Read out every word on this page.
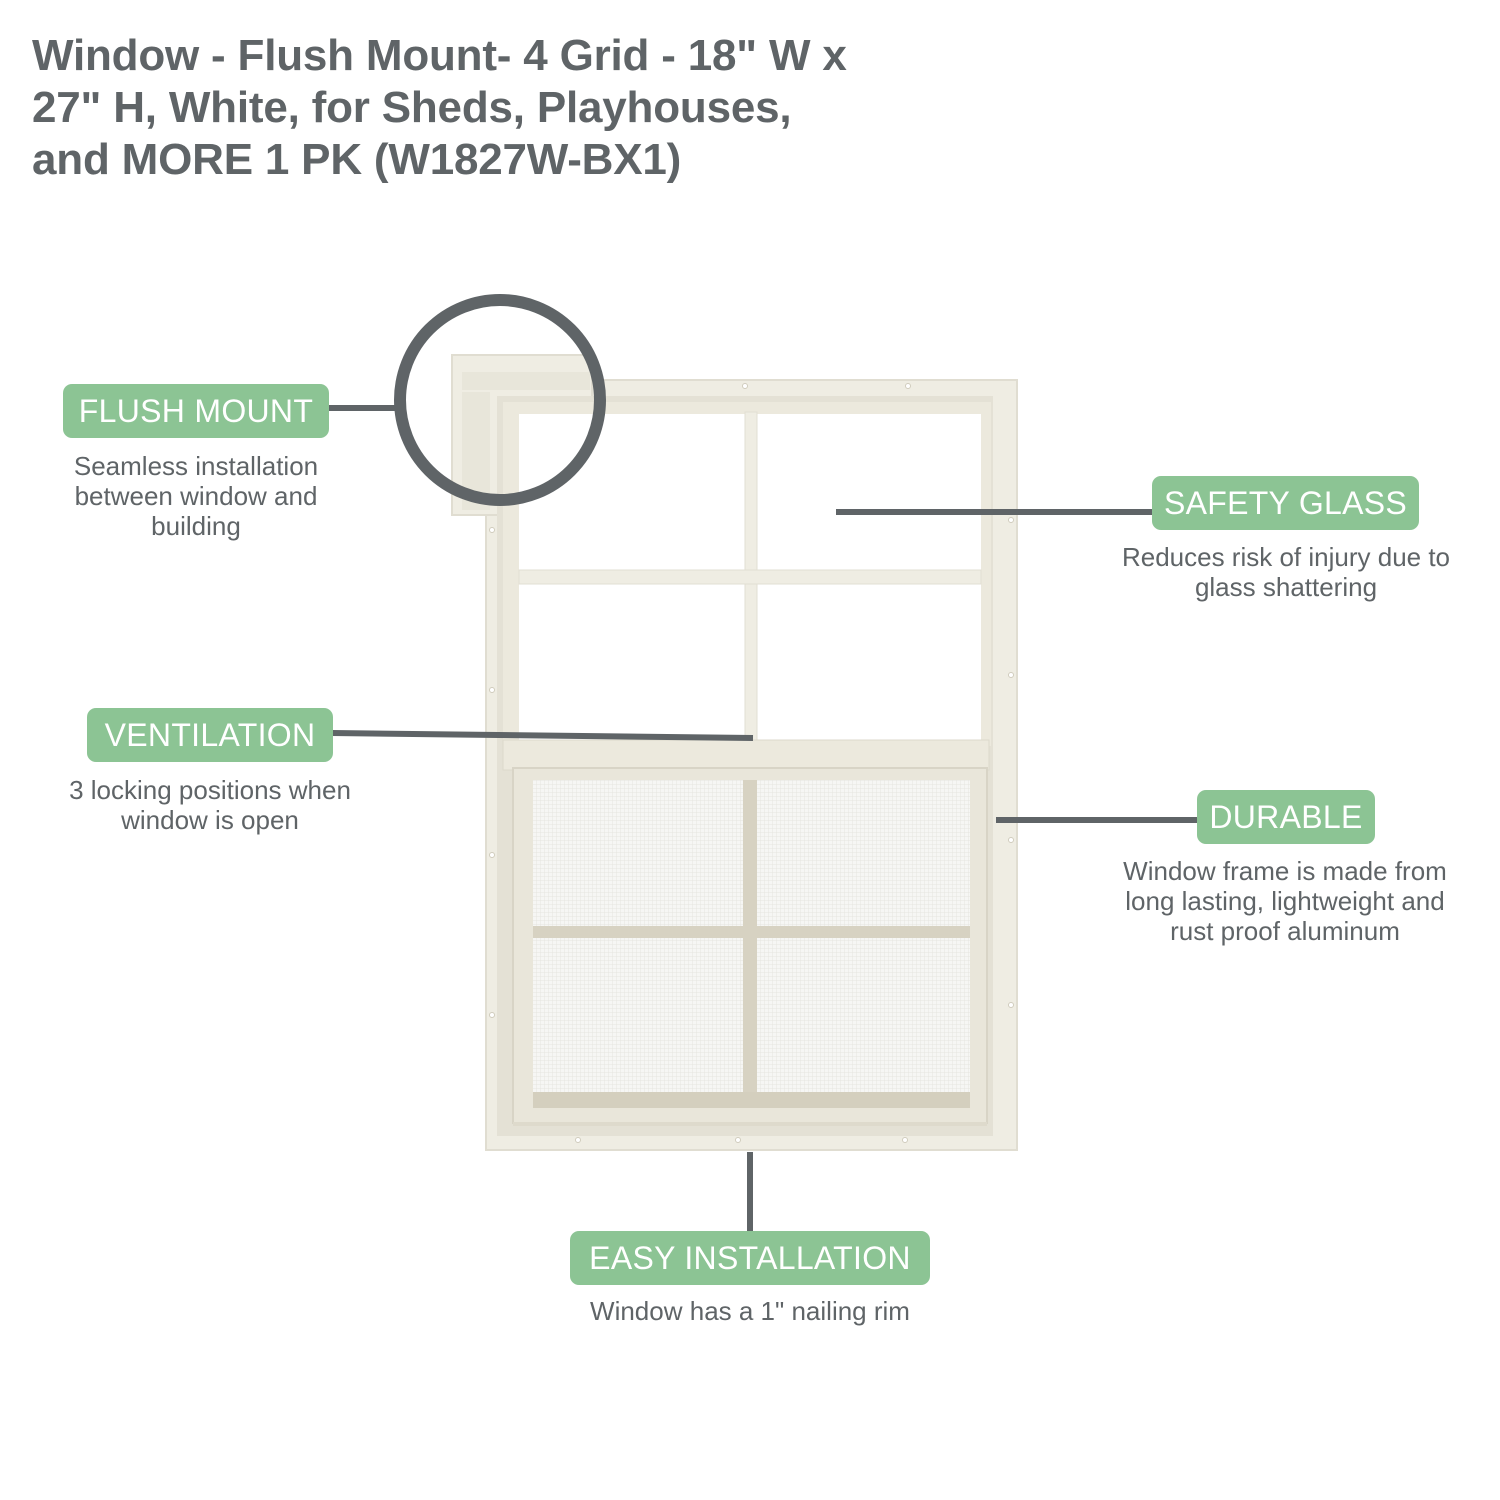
Window - Flush Mount- 4 Grid - 18" W x
27" H, White, for Sheds, Playhouses,
and MORE 1 PK (W1827W-BX1)
FLUSH MOUNT
Seamless installation
between window and
building
SAFETY GLASS
Reduces risk of injury due to
glass shattering
VENTILATION
3 locking positions when
window is open	DURABLE
Window frame is made from
long lasting, lightweight and
rust proof aluminum
EASY INSTALLATION
Window has a 1" nailing rim
